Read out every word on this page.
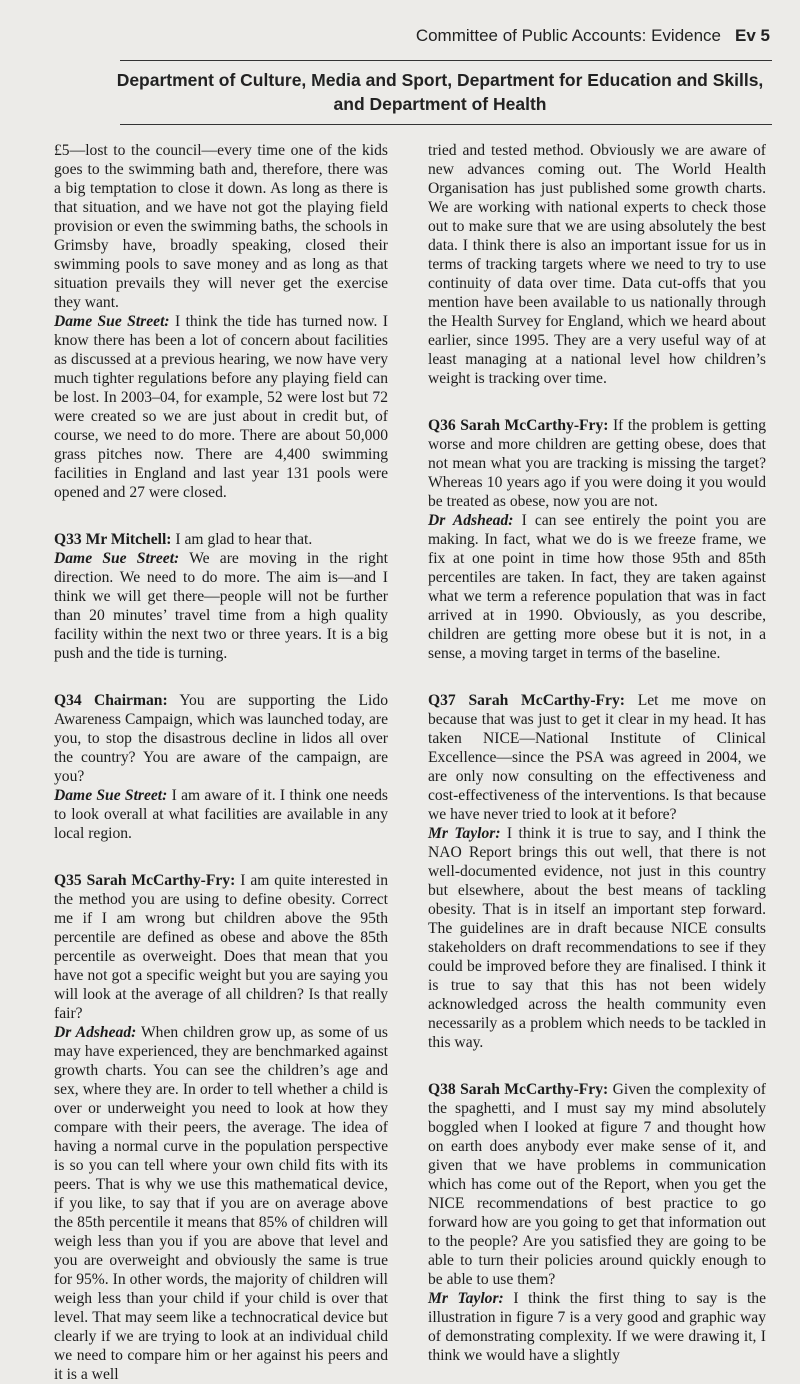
Committee of Public Accounts: Evidence Ev 5
Department of Culture, Media and Sport, Department for Education and Skills,
and Department of Health

£5—lost to the council—every time one of the kids goes to the swimming bath and, therefore, there was a big temptation to close it down. As long as there is that situation, and we have not got the playing field provision or even the swimming baths, the schools in Grimsby have, broadly speaking, closed their swimming pools to save money and as long as that situation prevails they will never get the exercise they want.

Dame Sue Street: I think the tide has turned now. I know there has been a lot of concern about facilities as discussed at a previous hearing, we now have very much tighter regulations before any playing field can be lost. In 2003–04, for example, 52 were lost but 72 were created so we are just about in credit but, of course, we need to do more. There are about 50,000 grass pitches now. There are 4,400 swimming facilities in England and last year 131 pools were opened and 27 were closed.

Q33 Mr Mitchell: I am glad to hear that.

Dame Sue Street: We are moving in the right direction. We need to do more. The aim is—and I think we will get there—people will not be further than 20 minutes’ travel time from a high quality facility within the next two or three years. It is a big push and the tide is turning.

Q34 Chairman: You are supporting the Lido Awareness Campaign, which was launched today, are you, to stop the disastrous decline in lidos all over the country? You are aware of the campaign, are you?

Dame Sue Street: I am aware of it. I think one needs to look overall at what facilities are available in any local region.

Q35 Sarah McCarthy-Fry: I am quite interested in the method you are using to define obesity. Correct me if I am wrong but children above the 95th percentile are defined as obese and above the 85th percentile as overweight. Does that mean that you have not got a specific weight but you are saying you will look at the average of all children? Is that really fair?

Dr Adshead: When children grow up, as some of us may have experienced, they are benchmarked against growth charts. You can see the children’s age and sex, where they are. In order to tell whether a child is over or underweight you need to look at how they compare with their peers, the average. The idea of having a normal curve in the population perspective is so you can tell where your own child fits with its peers. That is why we use this mathematical device, if you like, to say that if you are on average above the 85th percentile it means that 85% of children will weigh less than you if you are above that level and you are overweight and obviously the same is true for 95%. In other words, the majority of children will weigh less than your child if your child is over that level. That may seem like a technocratical device but clearly if we are trying to look at an individual child we need to compare him or her against his peers and it is a well

tried and tested method. Obviously we are aware of new advances coming out. The World Health Organisation has just published some growth charts. We are working with national experts to check those out to make sure that we are using absolutely the best data. I think there is also an important issue for us in terms of tracking targets where we need to try to use continuity of data over time. Data cut-offs that you mention have been available to us nationally through the Health Survey for England, which we heard about earlier, since 1995. They are a very useful way of at least managing at a national level how children’s weight is tracking over time.

Q36 Sarah McCarthy-Fry: If the problem is getting worse and more children are getting obese, does that not mean what you are tracking is missing the target? Whereas 10 years ago if you were doing it you would be treated as obese, now you are not.

Dr Adshead: I can see entirely the point you are making. In fact, what we do is we freeze frame, we fix at one point in time how those 95th and 85th percentiles are taken. In fact, they are taken against what we term a reference population that was in fact arrived at in 1990. Obviously, as you describe, children are getting more obese but it is not, in a sense, a moving target in terms of the baseline.

Q37 Sarah McCarthy-Fry: Let me move on because that was just to get it clear in my head. It has taken NICE—National Institute of Clinical Excellence—since the PSA was agreed in 2004, we are only now consulting on the effectiveness and cost-effectiveness of the interventions. Is that because we have never tried to look at it before?

Mr Taylor: I think it is true to say, and I think the NAO Report brings this out well, that there is not well-documented evidence, not just in this country but elsewhere, about the best means of tackling obesity. That is in itself an important step forward. The guidelines are in draft because NICE consults stakeholders on draft recommendations to see if they could be improved before they are finalised. I think it is true to say that this has not been widely acknowledged across the health community even necessarily as a problem which needs to be tackled in this way.

Q38 Sarah McCarthy-Fry: Given the complexity of the spaghetti, and I must say my mind absolutely boggled when I looked at figure 7 and thought how on earth does anybody ever make sense of it, and given that we have problems in communication which has come out of the Report, when you get the NICE recommendations of best practice to go forward how are you going to get that information out to the people? Are you satisfied they are going to be able to turn their policies around quickly enough to be able to use them?

Mr Taylor: I think the first thing to say is the illustration in figure 7 is a very good and graphic way of demonstrating complexity. If we were drawing it, I think we would have a slightly
